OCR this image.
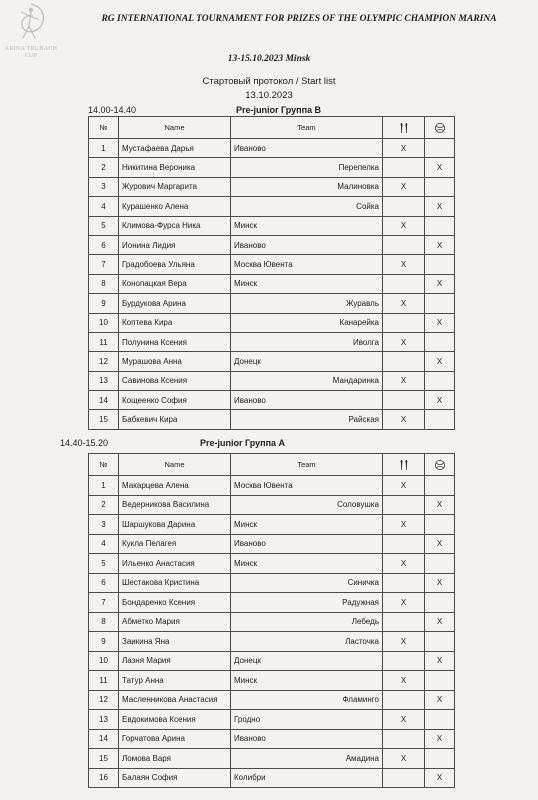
ARINA TRUBACH
CUP
RG INTERNATIONAL TOURNAMENT FOR PRIZES OF THE OLYMPIC CHAMPION MARINA
13-15.10.2023 Minsk
Стартовый протокол / Start list
13.10.2023
14.00-14.40	Pre-junior Группа В
№	Name	Team		
1	Мустафаева Дарья	Иваново	X	
2	Никитина Вероника	Перепелка		X
3	Журович Маргарита	Малиновка	X	
4	Курашенко Алена	Сойка		X
5	Климова-Фурса Ника	Минск	X	
6	Ионина Лидия	Иваново		X
7	Градобоева Ульяна	Москва Ювента	X	
8	Конопацкая Вера	Минск		X
9	Бурдукова Арина	Журавль	X	
10	Коптева Кира	Канарейка		X
11	Полунина Ксения	Иволга	X	
12	Мурашова Анна	Донецк		X
13	Савинова Ксения	Мандаринка	X	
14	Кощеенко София	Иваново		X
15	Бабкевич Кира	Райская	X	
14.40-15.20	Pre-junior Группа А
№	Name	Team		
1	Макарцева Алена	Москва Ювента	X	
2	Ведерникова Василина	Соловушка		X
3	Шаршукова Дарина	Минск	X	
4	Кукла Пелагея	Иваново		X
5	Ильенко Анастасия	Минск	X	
6	Шестакова Кристина	Синичка		X
7	Бондаренко Ксения	Радужная	X	
8	Абметко Мария	Лебедь		X
9	Заикина Яна	Ласточка	X	
10	Лазня Мария	Донецк		X
11	Татур Анна	Минск	X	
12	Масленникова Анастасия	Фламинго		X
13	Евдокимова Ксения	Гродно	X	
14	Горчатова Арина	Иваново		X
15	Ломова Варя	Амадина	X	
16	Балаян София	Колибри		X
